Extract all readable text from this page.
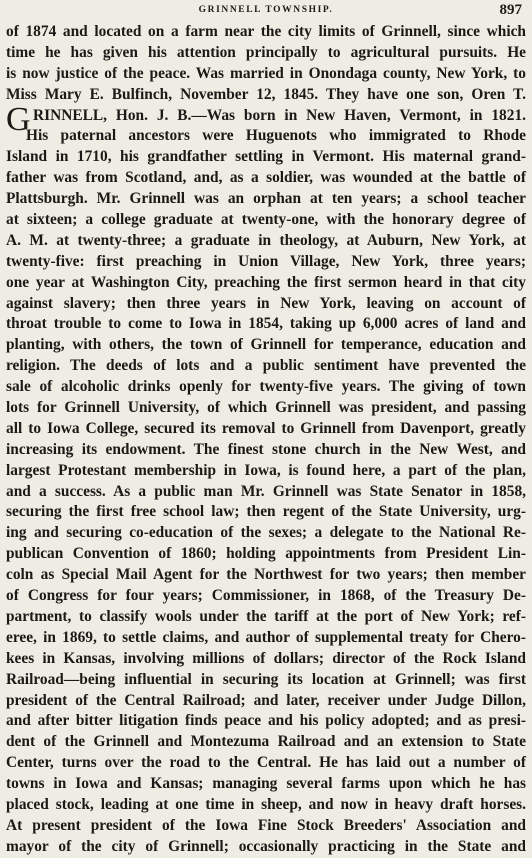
GRINNELL TOWNSHIP.	897
of 1874 and located on a farm near the city limits of Grinnell, since which
time he has given his attention principally to agricultural pursuits. He
is now justice of the peace. Was married in Onondaga county, New York, to
Miss Mary E. Bulfinch, November 12, 1845. They have one son, Oren T.
G RINNELL, Hon. J. B.—Was born in New Haven, Vermont, in 1821.
His paternal ancestors were Huguenots who immigrated to Rhode
Island in 1710, his grandfather settling in Vermont. His maternal grand-
father was from Scotland, and, as a soldier, was wounded at the battle of
Plattsburgh. Mr. Grinnell was an orphan at ten years; a school teacher
at sixteen; a college graduate at twenty-one, with the honorary degree of
A. M. at twenty-three; a graduate in theology, at Auburn, New York, at
twenty-five: first preaching in Union Village, New York, three years;
one year at Washington City, preaching the first sermon heard in that city
against slavery; then three years in New York, leaving on account of
throat trouble to come to Iowa in 1854, taking up 6,000 acres of land and
planting, with others, the town of Grinnell for temperance, education and
religion. The deeds of lots and a public sentiment have prevented the
sale of alcoholic drinks openly for twenty-five years. The giving of town
lots for Grinnell University, of which Grinnell was president, and passing
all to Iowa College, secured its removal to Grinnell from Davenport, greatly
increasing its endowment. The finest stone church in the New West, and
largest Protestant membership in Iowa, is found here, a part of the plan,
and a success. As a public man Mr. Grinnell was State Senator in 1858,
securing the first free school law; then regent of the State University, urg-
ing and securing co-education of the sexes; a delegate to the National Re-
publican Convention of 1860; holding appointments from President Lin-
coln as Special Mail Agent for the Northwest for two years; then member
of Congress for four years; Commissioner, in 1868, of the Treasury De-
partment, to classify wools under the tariff at the port of New York; ref-
eree, in 1869, to settle claims, and author of supplemental treaty for Chero-
kees in Kansas, involving millions of dollars; director of the Rock Island
Railroad—being influential in securing its location at Grinnell; was first
president of the Central Railroad; and later, receiver under Judge Dillon,
and after bitter litigation finds peace and his policy adopted; and as presi-
dent of the Grinnell and Montezuma Railroad and an extension to State
Center, turns over the road to the Central. He has laid out a number of
towns in Iowa and Kansas; managing several farms upon which he has
placed stock, leading at one time in sheep, and now in heavy draft horses.
At present president of the Iowa Fine Stock Breeders' Association and
mayor of the city of Grinnell; occasionally practicing in the State and
